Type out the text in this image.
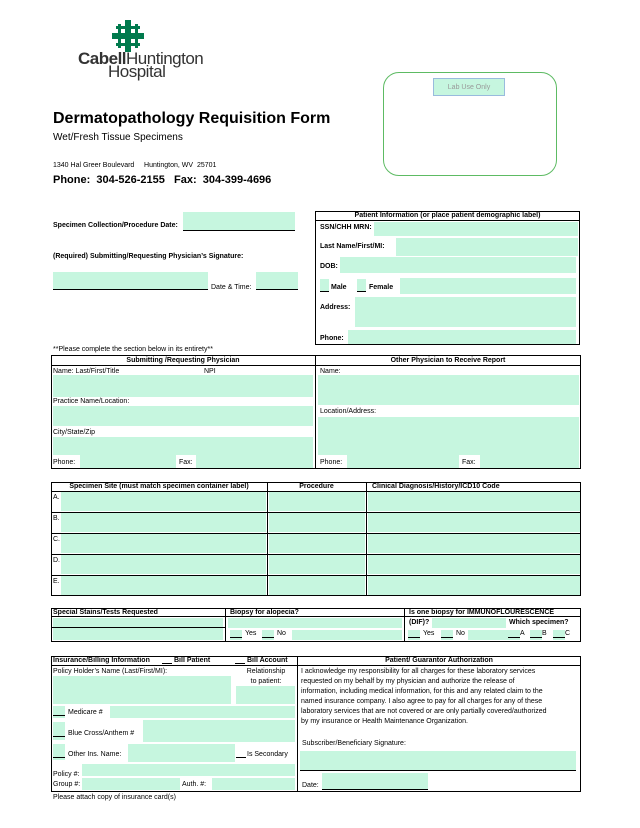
CabellHuntington
Hospital
Lab Use Only
Dermatopathology Requisition Form
Wet/Fresh Tissue Specimens
1340 Hal Greer Boulevard     Huntington, WV  25701
Phone:  304-526-2155   Fax:  304-399-4696
Specimen Collection/Procedure Date:
(Required) Submitting/Requesting Physician’s Signature:
Date & Time:
Patient Information (or place patient demographic label)
SSN/CHH MRN:
Last Name/First/MI:
DOB:
Male	Female
Address:
Phone:
**Please complete the section below in its entirety**
Submitting /Requesting Physician	Other Physician to Receive Report
Name: Last/First/Title	NPI
Practice Name/Location:
City/State/Zip
Phone:	Fax:
Name:
Location/Address:
Phone:	Fax:
Specimen Site (must match specimen container label)	Procedure	Clinical Diagnosis/History/ICD10 Code
A.
B.
C.
D.
E.
Special Stains/Tests Requested	Biopsy for alopecia?
Yes	No
Is one biopsy for IMMUNOFLOURESCENCE
(DIF)?	Which specimen?
Yes	No	A B	C
Insurance/Billing Information	Bill Patient	Bill Account	Patient/ Guarantor Authorization
Policy Holder’s Name (Last/First/MI):	Relationship
to patient:
Medicare #
Blue Cross/Anthem #
Other Ins. Name:	Is Secondary
Policy #:
Group #:	Auth. #:
I acknowledge my responsibility for all charges for these laboratory services
requested on my behalf by my physician and authorize the release of
information, including medical information, for this and any related claim to the
named insurance company. I also agree to pay for all charges for any of these
laboratory services that are not covered or are only partially covered/authorized
by my insurance or Health Maintenance Organization.
Subscriber/Beneficiary Signature:
Date:
Please attach copy of insurance card(s)
